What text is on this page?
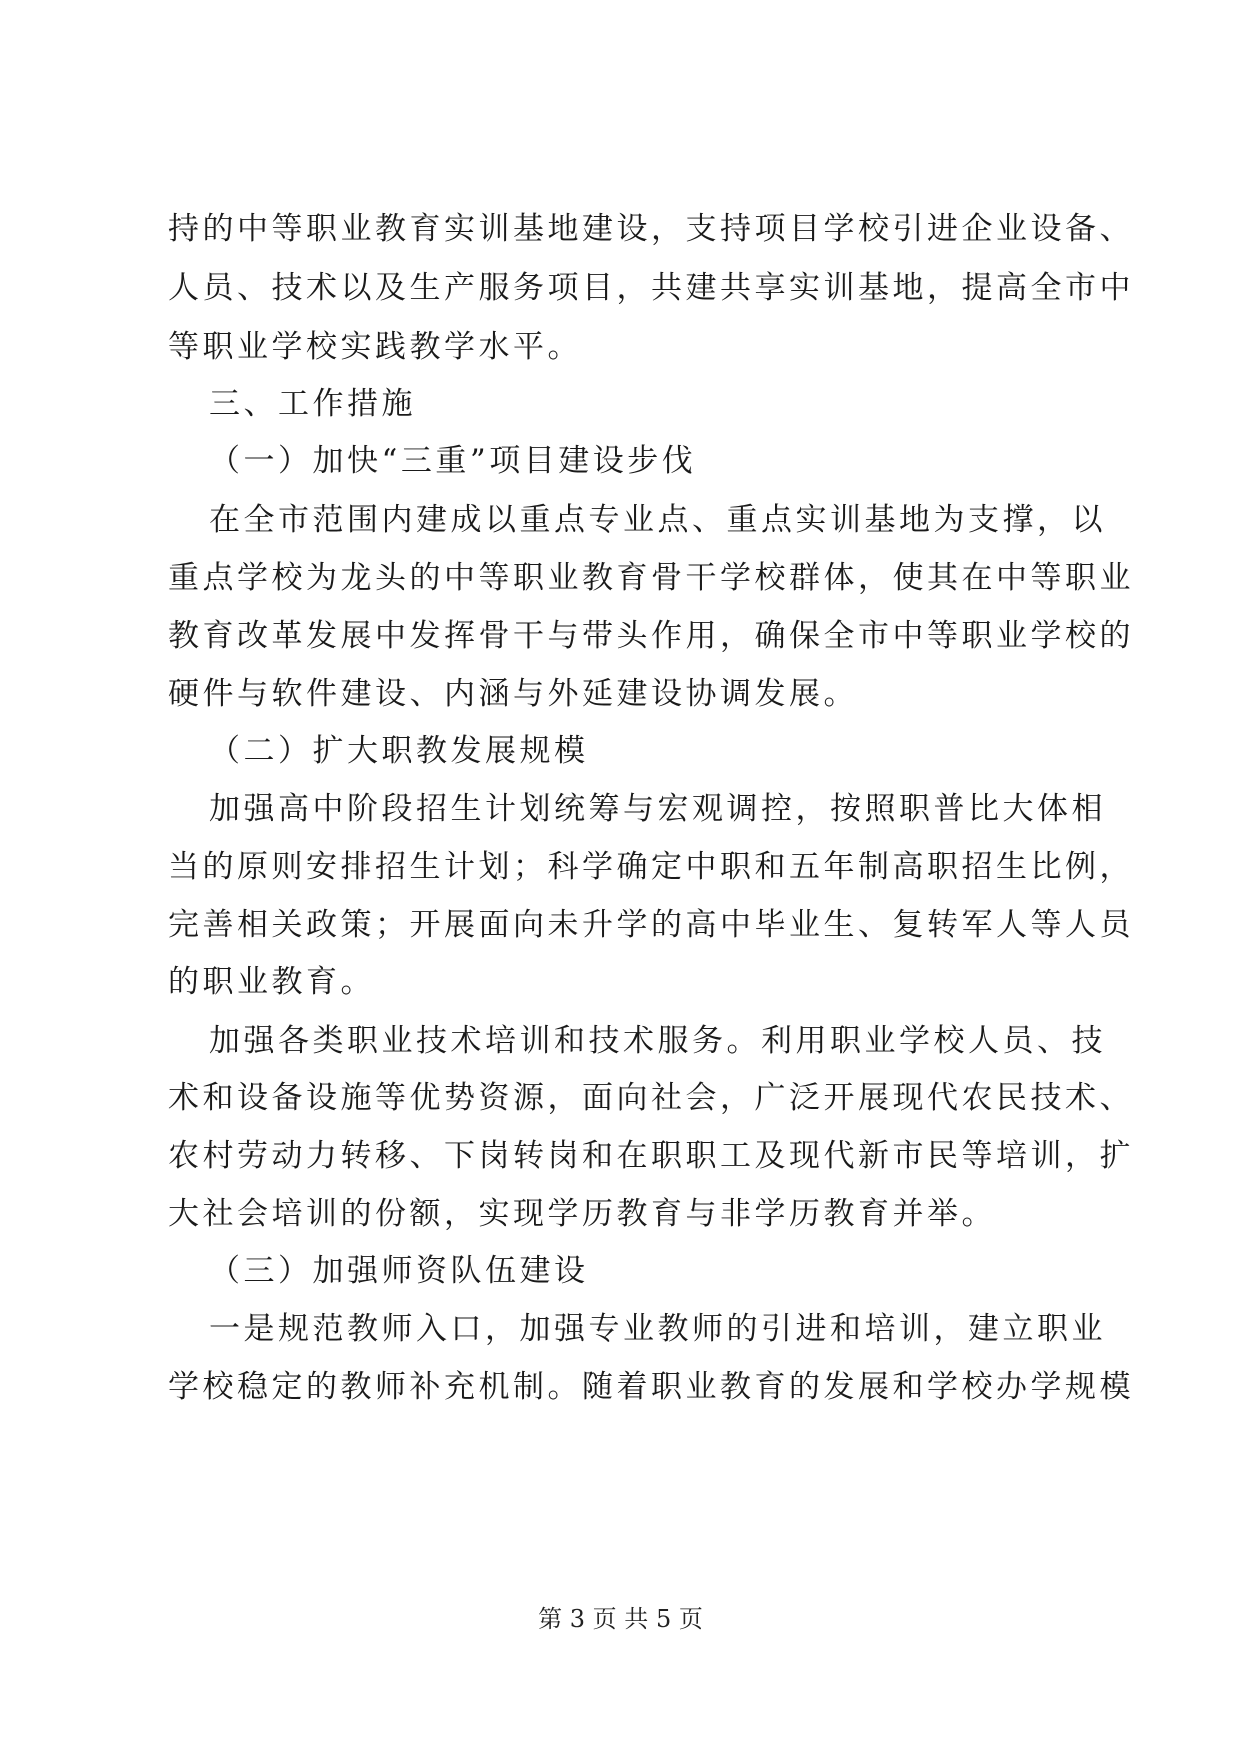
持的中等职业教育实训基地建设，支持项目学校引进企业设备、
人员、技术以及生产服务项目，共建共享实训基地，提高全市中
等职业学校实践教学水平。
三、工作措施
（一）加快“三重”项目建设步伐
在全市范围内建成以重点专业点、重点实训基地为支撑，以
重点学校为龙头的中等职业教育骨干学校群体，使其在中等职业
教育改革发展中发挥骨干与带头作用，确保全市中等职业学校的
硬件与软件建设、内涵与外延建设协调发展。
（二）扩大职教发展规模
加强高中阶段招生计划统筹与宏观调控，按照职普比大体相
当的原则安排招生计划；科学确定中职和五年制高职招生比例，
完善相关政策；开展面向未升学的高中毕业生、复转军人等人员
的职业教育。
加强各类职业技术培训和技术服务。利用职业学校人员、技
术和设备设施等优势资源，面向社会，广泛开展现代农民技术、
农村劳动力转移、下岗转岗和在职职工及现代新市民等培训，扩
大社会培训的份额，实现学历教育与非学历教育并举。
（三）加强师资队伍建设
一是规范教师入口，加强专业教师的引进和培训，建立职业
学校稳定的教师补充机制。随着职业教育的发展和学校办学规模
第 3 页 共 5 页
